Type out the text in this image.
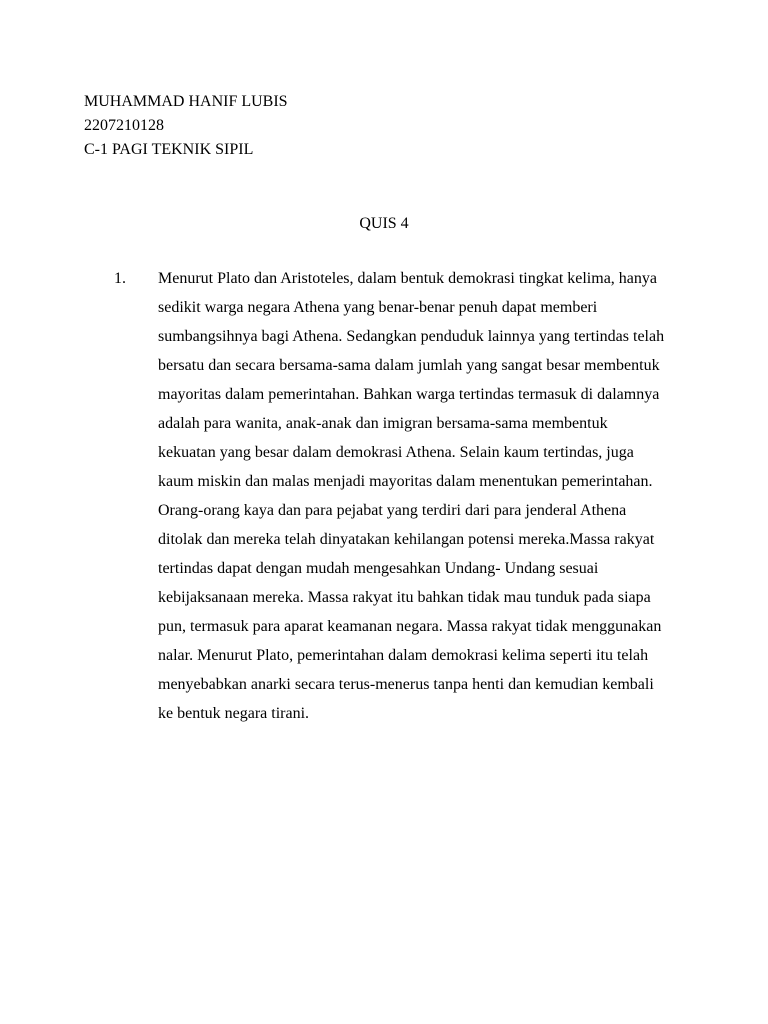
MUHAMMAD HANIF LUBIS
2207210128
C-1 PAGI TEKNIK SIPIL
QUIS 4
1. Menurut Plato dan Aristoteles, dalam bentuk demokrasi tingkat kelima, hanya
sedikit warga negara Athena yang benar-benar penuh dapat memberi
sumbangsihnya bagi Athena. Sedangkan penduduk lainnya yang tertindas telah
bersatu dan secara bersama-sama dalam jumlah yang sangat besar membentuk
mayoritas dalam pemerintahan. Bahkan warga tertindas termasuk di dalamnya
adalah para wanita, anak-anak dan imigran bersama-sama membentuk
kekuatan yang besar dalam demokrasi Athena. Selain kaum tertindas, juga
kaum miskin dan malas menjadi mayoritas dalam menentukan pemerintahan.
Orang-orang kaya dan para pejabat yang terdiri dari para jenderal Athena
ditolak dan mereka telah dinyatakan kehilangan potensi mereka.Massa rakyat
tertindas dapat dengan mudah mengesahkan Undang- Undang sesuai
kebijaksanaan mereka. Massa rakyat itu bahkan tidak mau tunduk pada siapa
pun, termasuk para aparat keamanan negara. Massa rakyat tidak menggunakan
nalar. Menurut Plato, pemerintahan dalam demokrasi kelima seperti itu telah
menyebabkan anarki secara terus-menerus tanpa henti dan kemudian kembali
ke bentuk negara tirani.
